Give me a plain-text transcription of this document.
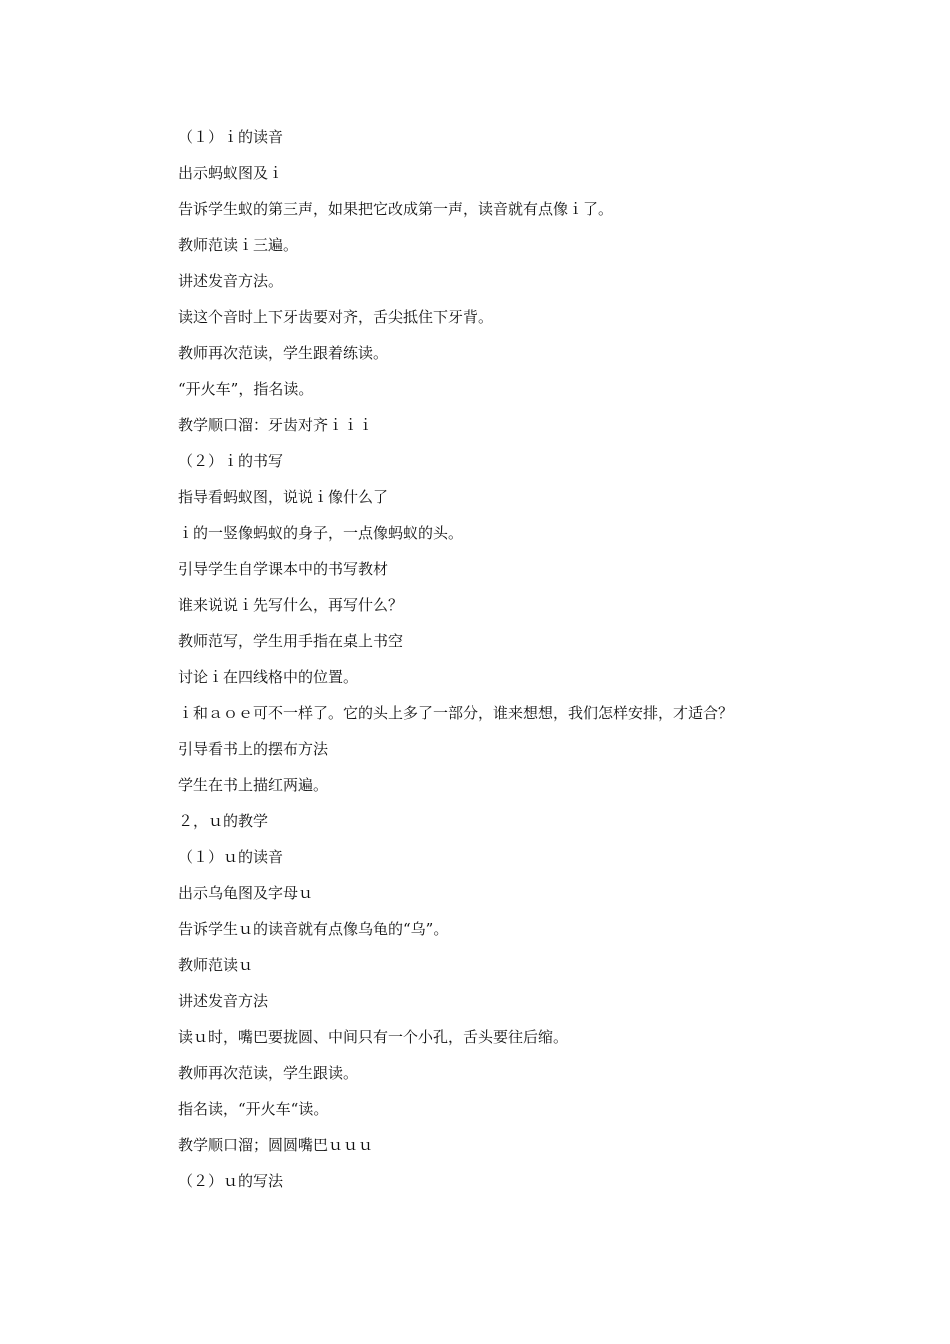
（１）ｉ的读音
出示蚂蚁图及ｉ
告诉学生蚁的第三声，如果把它改成第一声，读音就有点像ｉ了。
教师范读ｉ三遍。
讲述发音方法。
读这个音时上下牙齿要对齐，舌尖抵住下牙背。
教师再次范读，学生跟着练读。
“开火车”，指名读。
教学顺口溜：牙齿对齐ｉｉｉ
（２）ｉ的书写
指导看蚂蚁图，说说ｉ像什么了
ｉ的一竖像蚂蚁的身子，一点像蚂蚁的头。
引导学生自学课本中的书写教材
谁来说说ｉ先写什么，再写什么？
教师范写，学生用手指在桌上书空
讨论ｉ在四线格中的位置。
ｉ和ａｏｅ可不一样了。它的头上多了一部分，谁来想想，我们怎样安排，才适合？
引导看书上的摆布方法
学生在书上描红两遍。
２，ｕ的教学
（１）ｕ的读音
出示乌龟图及字母ｕ
告诉学生ｕ的读音就有点像乌龟的“乌”。
教师范读ｕ
讲述发音方法
读ｕ时，嘴巴要拢圆、中间只有一个小孔，舌头要往后缩。
教师再次范读，学生跟读。
指名读，“开火车“读。
教学顺口溜；圆圆嘴巴ｕｕｕ
（２）ｕ的写法
